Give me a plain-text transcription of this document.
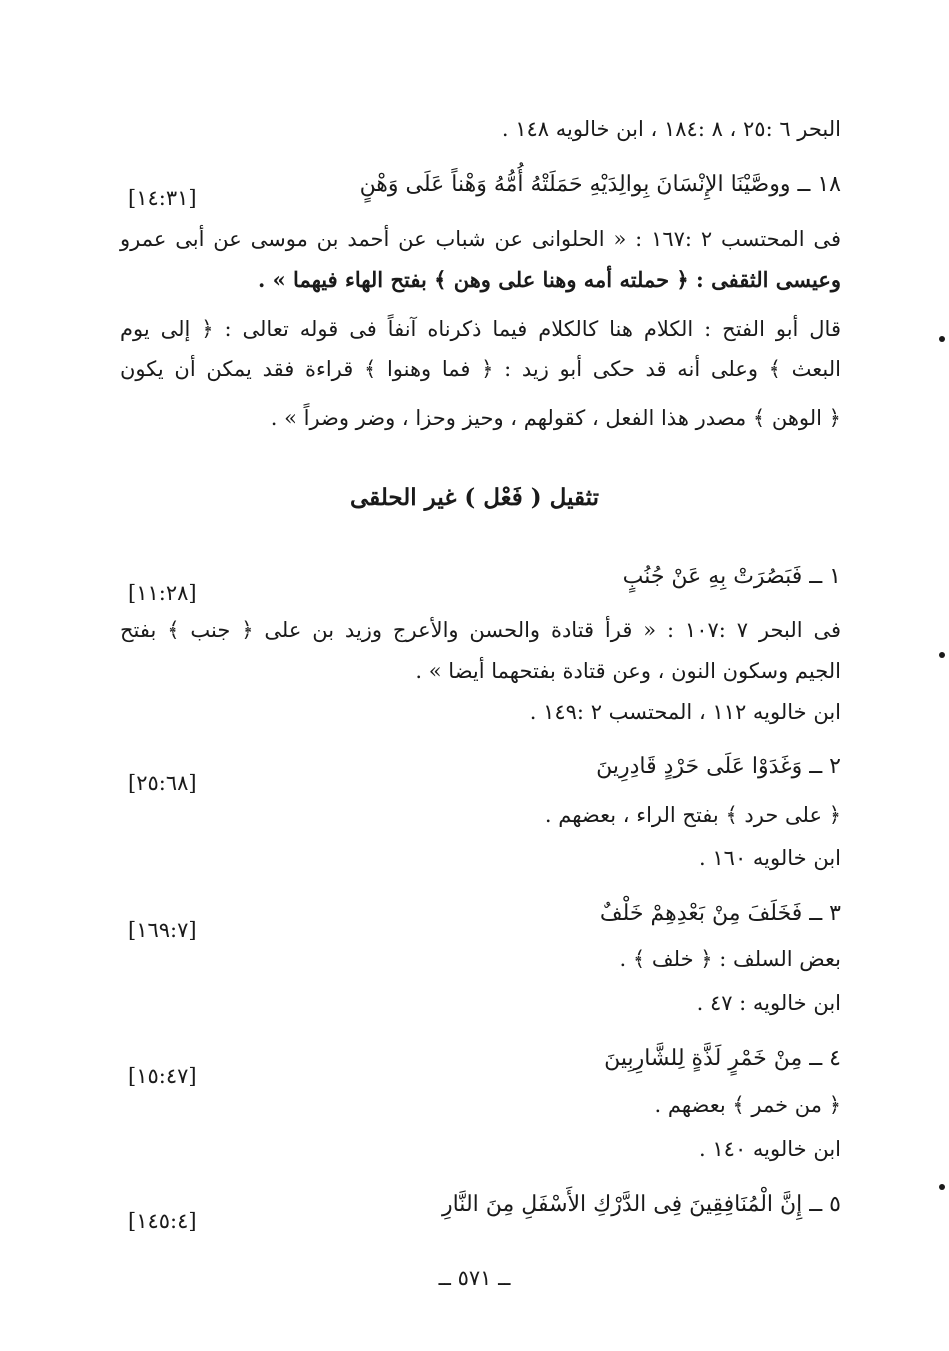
البحر ٦ :٢٥ ، ٨ :١٨٤ ، ابن خالويه ١٤٨ .
١٨ ــ ووصَّيْنَا الإِنْسَانَ بِوالِدَيْهِ حَمَلَتْهُ أُمُّهُ وَهْناً عَلَى وَهْنٍ
[١٤:٣١]
فى المحتسب ٢ :١٦٧ : « الحلوانى عن شباب عن أحمد بن موسى عن أبى عمرو
وعيسى الثقفى : ﴿ حملته أمه وهنا على وهن ﴾ بفتح الهاء فيهما » .
قال أبو الفتح : الكلام هنا كالكلام فيما ذكرناه آنفاً فى قوله تعالى : ﴿ إلى يوم
البعث ﴾ وعلى أنه قد حكى أبو زيد : ﴿ فما وهنوا ﴾ قراءة فقد يمكن أن يكون
﴿ الوهن ﴾ مصدر هذا الفعل ، كقولهم ، وحيز وحزا ، وضر وضراً » .
تثقيل ( فَعْل ) غير الحلقى
١ ــ فَبَصُرَتْ بِهِ عَنْ جُنُبٍ
[١١:٢٨]
فى البحر ٧ :١٠٧ : « قرأ قتادة والحسن والأعرج وزيد بن على ﴿ جنب ﴾ بفتح
الجيم وسكون النون ، وعن قتادة بفتحهما أيضا » .
ابن خالويه ١١٢ ، المحتسب ٢ :١٤٩ .
٢ ــ وَغَدَوْا عَلَى حَرْدٍ قَادِرِينَ
[٢٥:٦٨]
﴿ على حرد ﴾ بفتح الراء ، بعضهم .
ابن خالويه ١٦٠ .
٣ ــ فَخَلَفَ مِنْ بَعْدِهِمْ خَلْفٌ
[١٦٩:٧]
بعض السلف : ﴿ خلف ﴾ .
ابن خالويه : ٤٧ .
٤ ــ مِنْ خَمْرٍ لَذَّةٍ لِلشَّارِبِينَ
[١٥:٤٧]
﴿ من خمر ﴾ بعضهم .
ابن خالويه ١٤٠ .
٥ ــ إِنَّ الْمُنَافِقِينَ فِى الدَّرْكِ الأَسْفَلِ مِنَ النَّارِ
[١٤٥:٤]
ــ ٥٧١ ــ
